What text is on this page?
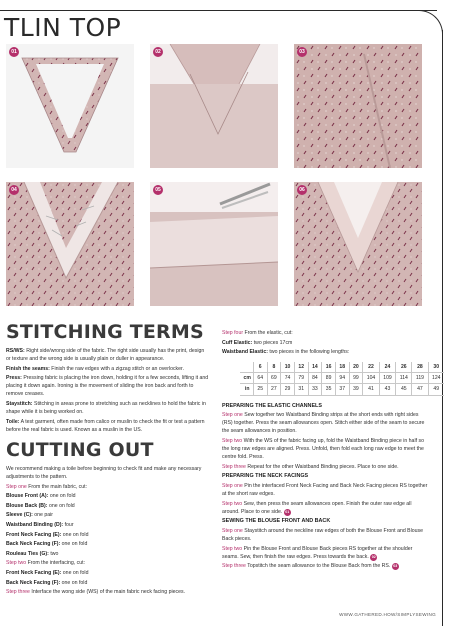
TLIN TOP
01	02	03
04	05	06
STITCHING TERMS

RS/WS: Right side/wrong side of the fabric. The right side usually has the print, design or texture and the wrong side is usually plain or duller in appearance.

Finish the seams: Finish the raw edges with a zigzag stitch or an overlocker.

Press: Pressing fabric is placing the iron down, holding it for a few seconds, lifting it and placing it down again. Ironing is the movement of sliding the iron back and forth to remove creases.

Staystitch: Stitching in areas prone to stretching such as necklines to hold the fabric in shape while it is being worked on.

Toile: A test garment, often made from calico or muslin to check the fit or test a pattern before the real fabric is used. Known as a muslin in the US.

CUTTING OUT

We recommend making a toile before beginning to check fit and make any necessary adjustments to the pattern.

Step one From the main fabric, cut:

Blouse Front (A): one on fold

Blouse Back (B): one on fold

Sleeve (C): one pair

Waistband Binding (D): four

Front Neck Facing (E): one on fold

Back Neck Facing (F): one on fold

Rouleau Ties (G): two

Step two From the interfacing, cut:

Front Neck Facing (E): one on fold

Back Neck Facing (F): one on fold

Step three Interface the wong side (WS) of the main fabric neck facing pieces.

Step four From the elastic, cut:

Cuff Elastic: two pieces 17cm

Waistband Elastic: two pieces in the following lengths:

	6	8	10	12	14	16	18	20	22	24	26	28	30
cm	64	69	74	79	84	89	94	99	104	109	114	119	124
in	25	27	29	31	33	35	37	39	41	43	45	47	49

PREPARING THE ELASTIC CHANNELS

Step one Sew together two Waistband Binding strips at the short ends with right sides (RS) together. Press the seam allowances open. Stitch either side of the seam to secure the seam allowances in position.

Step two With the WS of the fabric facing up, fold the Waistband Binding piece in half so the long raw edges are aligned. Press. Unfold, then fold each long raw edge to meet the centre fold. Press.

Step three Repeat for the other Waistband Binding pieces. Place to one side.

PREPARING THE NECK FACINGS

Step one Pin the interfaced Front Neck Facing and Back Neck Facing pieces RS together at the short raw edges.

Step two Sew, then press the seam allowances open. Finish the outer raw edge all around. Place to one side. 01

SEWING THE BLOUSE FRONT AND BACK

Step one Staystitch around the neckline raw edges of both the Blouse Front and Blouse Back pieces.

Step two Pin the Blouse Front and Blouse Back pieces RS together at the shoulder seams. Sew, then finish the raw edges. Press towards the back. 02

Step three Topstitch the seam allowance to the Blouse Back from the RS. 03

WWW.GATHERED.HOW/SIMPLYSEWING
